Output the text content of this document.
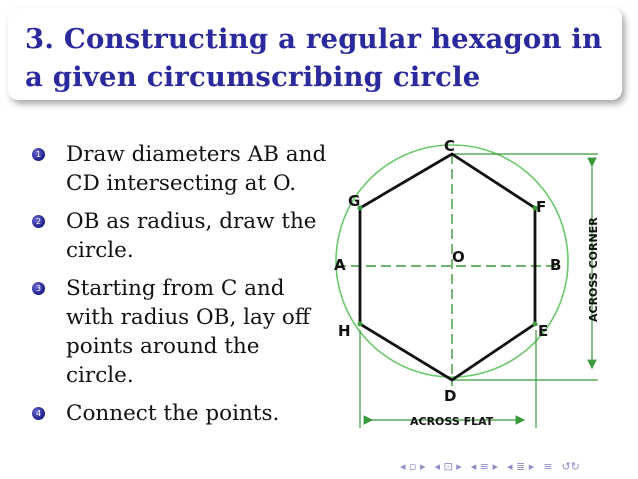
3. Constructing a regular hexagon in a given circumscribing circle
1 Draw diameters AB and CD intersecting at O.
2 OB as radius, draw the circle.
3 Starting from C and with radius OB, lay off points around the circle.
4 Connect the points.
C
G	F
A	O	B
H	E
D
ACROSS FLAT
ACROSS CORNER
◂ ▫ ▸ ◂ ⊡ ▸ ◂ ≡ ▸ ◂ ≣ ▸ ≡ ↺↻
